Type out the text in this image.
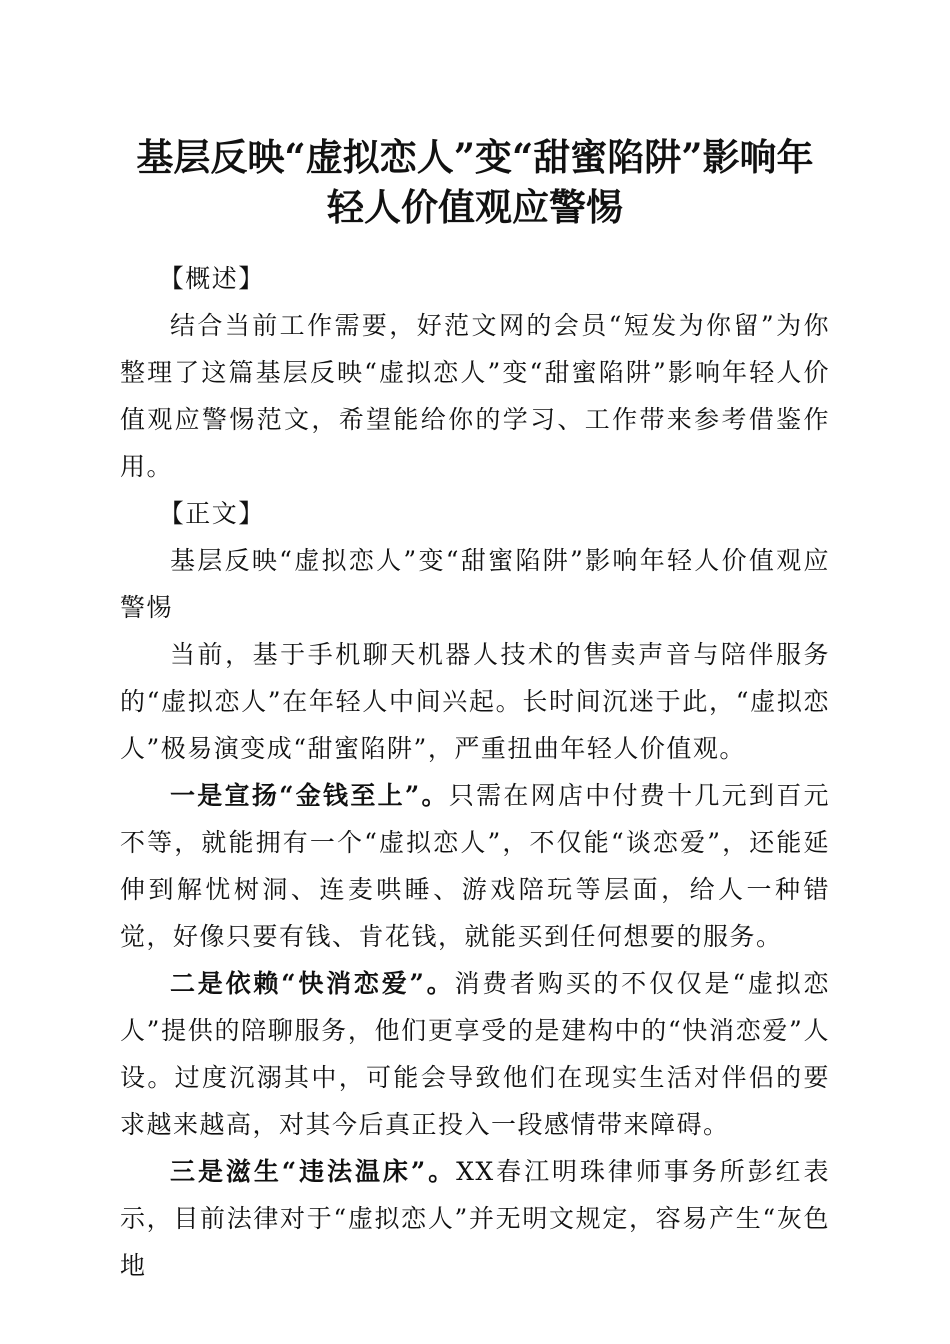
基层反映“虚拟恋人”变“甜蜜陷阱”影响年
轻人价值观应警惕

【概述】

结合当前工作需要，好范文网的会员“短发为你留”为你整理了这篇基层反映“虚拟恋人”变“甜蜜陷阱”影响年轻人价值观应警惕范文，希望能给你的学习、工作带来参考借鉴作用。

【正文】

基层反映“虚拟恋人”变“甜蜜陷阱”影响年轻人价值观应警惕

当前，基于手机聊天机器人技术的售卖声音与陪伴服务的“虚拟恋人”在年轻人中间兴起。长时间沉迷于此，“虚拟恋人”极易演变成“甜蜜陷阱”，严重扭曲年轻人价值观。

一是宣扬“金钱至上”。只需在网店中付费十几元到百元不等，就能拥有一个“虚拟恋人”，不仅能“谈恋爱”，还能延伸到解忧树洞、连麦哄睡、游戏陪玩等层面，给人一种错觉，好像只要有钱、肯花钱，就能买到任何想要的服务。

二是依赖“快消恋爱”。消费者购买的不仅仅是“虚拟恋人”提供的陪聊服务，他们更享受的是建构中的“快消恋爱”人设。过度沉溺其中，可能会导致他们在现实生活对伴侣的要求越来越高，对其今后真正投入一段感情带来障碍。

三是滋生“违法温床”。XX春江明珠律师事务所彭红表示，目前法律对于“虚拟恋人”并无明文规定，容易产生“灰色地
